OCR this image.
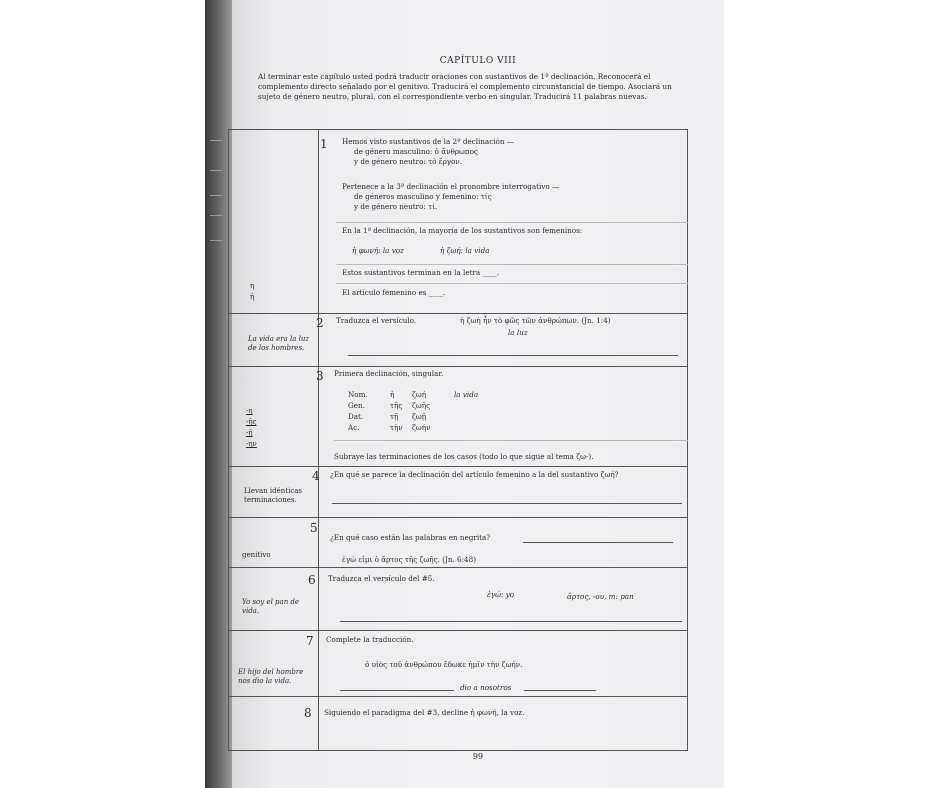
CAPÍTULO VIII
Al terminar este capítulo usted podrá traducir oraciones con sustantivos de 1ª declinación. Reconocerá el complemento directo señalado por el genitivo. Traducirá el complemento circunstancial de tiempo. Asociará un sujeto de género neutro, plural, con el correspondiente verbo en singular. Traducirá 11 palabras nuevas.
1 Hemos visto sustantivos de la 2ª declinación —
de género masculino: ὁ ἄνθρωπος
y de género neutro: τὸ ἔργον.
Pertenece a la 3ª declinación el pronombre interrogativo —
de géneros masculino y femenino: τίς
y de género neutro: τί.
En la 1ª declinación, la mayoría de los sustantivos son femeninos:
ἡ φωνή: la voz	ἡ ζωή: la vida
Estos sustantivos terminan en la letra ____.
El artículo femenino es ____.
η
ἡ
2 Traduzca el versículo.	ἡ ζωὴ ἦν τὸ φῶς τῶν ἀνθρώπων. (Jn. 1:4)
la luz
La vida era la luz de los hombres.
3 Primera declinación, singular.
Nom.	ἡ ζωή	la vida
Gen.	τῆς ζωῆς
Dat.	τῇ ζωῇ
Ac.	τὴν ζωήν
Subraye las terminaciones de los casos (todo lo que sigue al tema ζω-).
-η
-ῆς
-ῇ
-ην
4 ¿En qué se parece la declinación del artículo femenino a la del sustantivo ζωή?
Llevan idénticas terminaciones.
5
¿En qué caso están las palabras en negrita?
ἐγώ εἰμι ὁ ἄρτος τῆς ζωῆς. (Jn. 6:48)
genitivo
6 Traduzca el versículo del #5.
ἐγώ: yo	ἄρτος, -ου, m: pan
Yo soy el pan de vida.
7 Complete la traducción.
ὁ υἱὸς τοῦ ἀνθρώπου ἔδωκε ἡμῖν τὴν ζωήν.
dio a nosotros
El hijo del hombre nos dio la vida.
8 Siguiendo el paradigma del #3, decline ἡ φωνή, la voz.
99
